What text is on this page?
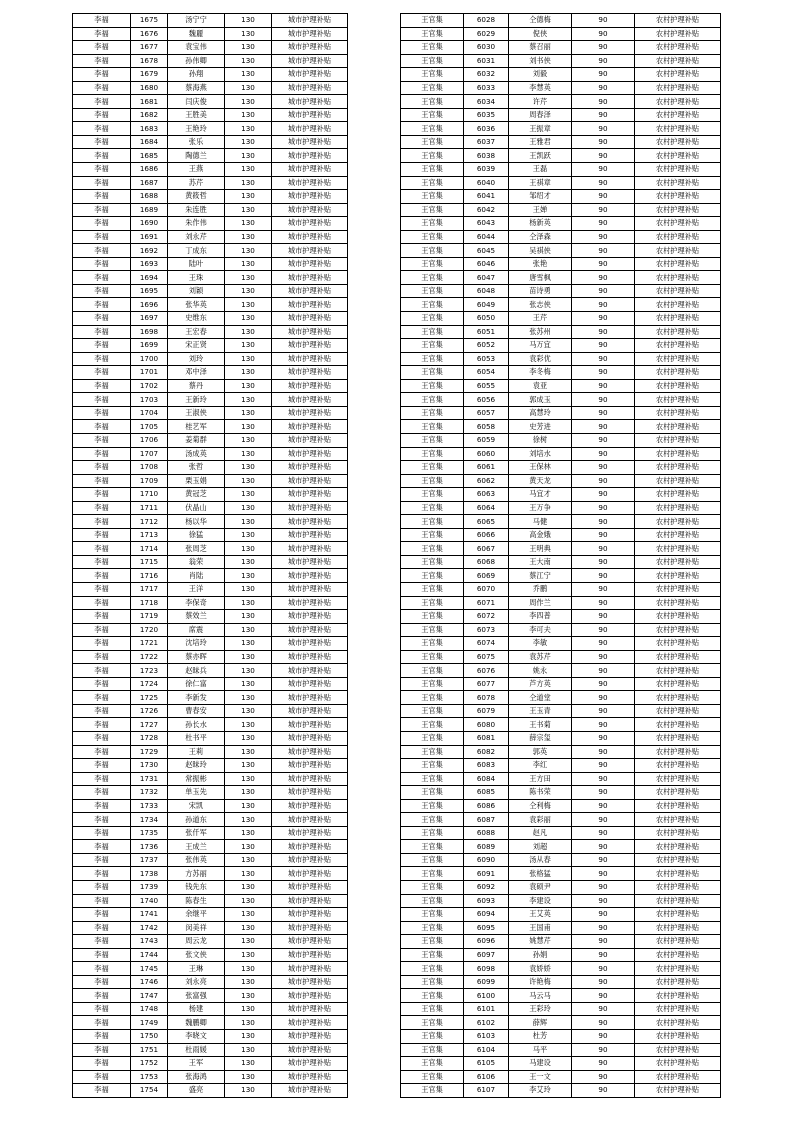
李福	1675	汤宁宁	130	城市护理补贴
李福	1676	魏麗	130	城市护理补贴
李福	1677	袁宝伟	130	城市护理补贴
李福	1678	孙伟卿	130	城市护理补贴
李福	1679	孙翔	130	城市护理补贴
李福	1680	蔡海燕	130	城市护理补贴
李福	1681	闫庆俊	130	城市护理补贴
李福	1682	王胜美	130	城市护理补贴
李福	1683	王艳玲	130	城市护理补贴
李福	1684	张乐	130	城市护理补贴
李福	1685	陶德兰	130	城市护理补贴
李福	1686	王燕	130	城市护理补贴
李福	1687	苏芹	130	城市护理补贴
李福	1688	黄筱哲	130	城市护理补贴
李福	1689	朱连胜	130	城市护理补贴
李福	1690	朱作伟	130	城市护理补贴
李福	1691	刘永芹	130	城市护理补贴
李福	1692	丁成东	130	城市护理补贴
李福	1693	陆叶	130	城市护理补贴
李福	1694	王珠	130	城市护理补贴
李福	1695	刘颖	130	城市护理补贴
李福	1696	张华英	130	城市护理补贴
李福	1697	史维东	130	城市护理补贴
李福	1698	王宏春	130	城市护理补贴
李福	1699	宋正贤	130	城市护理补贴
李福	1700	刘玲	130	城市护理补贴
李福	1701	邓中泽	130	城市护理补贴
李福	1702	蔡丹	130	城市护理补贴
李福	1703	王新玲	130	城市护理补贴
李福	1704	王淑侠	130	城市护理补贴
李福	1705	桂艺军	130	城市护理补贴
李福	1706	姜菊群	130	城市护理补贴
李福	1707	汤成英	130	城市护理补贴
李福	1708	张哲	130	城市护理补贴
李福	1709	栗玉娟	130	城市护理补贴
李福	1710	黄冠芝	130	城市护理补贴
李福	1711	伏晶山	130	城市护理补贴
李福	1712	杨以华	130	城市护理补贴
李福	1713	徐猛	130	城市护理补贴
李福	1714	张周芝	130	城市护理补贴
李福	1715	翁荣	130	城市护理补贴
李福	1716	肖陆	130	城市护理补贴
李福	1717	王洋	130	城市护理补贴
李福	1718	李保奇	130	城市护理补贴
李福	1719	蔡效兰	130	城市护理补贴
李福	1720	席震	130	城市护理补贴
李福	1721	沈培玲	130	城市护理补贴
李福	1722	蔡亦晖	130	城市护理补贴
李福	1723	赵昧兵	130	城市护理补贴
李福	1724	徐仁富	130	城市护理补贴
李福	1725	李新发	130	城市护理补贴
李福	1726	曹春安	130	城市护理补贴
李福	1727	孙长水	130	城市护理补贴
李福	1728	杜书平	130	城市护理补贴
李福	1729	王莉	130	城市护理补贴
李福	1730	赵昧玲	130	城市护理补贴
李福	1731	常振彬	130	城市护理补贴
李福	1732	单玉先	130	城市护理补贴
李福	1733	宋凯	130	城市护理补贴
李福	1734	孙道东	130	城市护理补贴
李福	1735	张仟军	130	城市护理补贴
李福	1736	王成兰	130	城市护理补贴
李福	1737	张伟英	130	城市护理补贴
李福	1738	方苏丽	130	城市护理补贴
李福	1739	钱先东	130	城市护理补贴
李福	1740	陈春生	130	城市护理补贴
李福	1741	余继平	130	城市护理补贴
李福	1742	闵美祥	130	城市护理补贴
李福	1743	周云龙	130	城市护理补贴
李福	1744	张文侠	130	城市护理补贴
李福	1745	王琳	130	城市护理补贴
李福	1746	刘永亮	130	城市护理补贴
李福	1747	张富强	130	城市护理补贴
李福	1748	杨建	130	城市护理补贴
李福	1749	魏鹏卿	130	城市护理补贴
李福	1750	李晓文	130	城市护理补贴
李福	1751	杜雨媛	130	城市护理补贴
李福	1752	王军	130	城市护理补贴
李福	1753	张海鸿	130	城市护理补贴
李福	1754	盛亮	130	城市护理补贴
王官集	6028	仝德梅	90	农村护理补贴
王官集	6029	倪侠	90	农村护理补贴
王官集	6030	蔡召丽	90	农村护理补贴
王官集	6031	刘书侠	90	农村护理补贴
王官集	6032	刘毅	90	农村护理补贴
王官集	6033	李慧英	90	农村护理补贴
王官集	6034	许芹	90	农村护理补贴
王官集	6035	周春泽	90	农村护理补贴
王官集	6036	王振章	90	农村护理补贴
王官集	6037	王雅君	90	农村护理补贴
王官集	6038	王凯跃	90	农村护理补贴
王官集	6039	王磊	90	农村护理补贴
王官集	6040	王祺章	90	农村护理补贴
王官集	6041	邹绍才	90	农村护理补贴
王官集	6042	王婵	90	农村护理补贴
王官集	6043	杨新英	90	农村护理补贴
王官集	6044	仝泽森	90	农村护理补贴
王官集	6045	吴祺侠	90	农村护理补贴
王官集	6046	张艳	90	农村护理补贴
王官集	6047	唐雪枫	90	农村护理补贴
王官集	6048	苗诗勇	90	农村护理补贴
王官集	6049	张志侠	90	农村护理补贴
王官集	6050	王芹	90	农村护理补贴
王官集	6051	张苏州	90	农村护理补贴
王官集	6052	马万宜	90	农村护理补贴
王官集	6053	袁彩优	90	农村护理补贴
王官集	6054	李冬梅	90	农村护理补贴
王官集	6055	袁亚	90	农村护理补贴
王官集	6056	郭成玉	90	农村护理补贴
王官集	6057	高慧玲	90	农村护理补贴
王官集	6058	史芳进	90	农村护理补贴
王官集	6059	徐树	90	农村护理补贴
王官集	6060	刘培水	90	农村护理补贴
王官集	6061	王保林	90	农村护理补贴
王官集	6062	黄天龙	90	农村护理补贴
王官集	6063	马宜才	90	农村护理补贴
王官集	6064	王万争	90	农村护理补贴
王官集	6065	马健	90	农村护理补贴
王官集	6066	高金娥	90	农村护理补贴
王官集	6067	王明典	90	农村护理补贴
王官集	6068	王大南	90	农村护理补贴
王官集	6069	蔡江宁	90	农村护理补贴
王官集	6070	乔鹏	90	农村护理补贴
王官集	6071	周作兰	90	农村护理补贴
王官集	6072	李四普	90	农村护理补贴
王官集	6073	李可夫	90	农村护理补贴
王官集	6074	李敏	90	农村护理补贴
王官集	6075	袁苏芹	90	农村护理补贴
王官集	6076	姚永	90	农村护理补贴
王官集	6077	芦方英	90	农村护理补贴
王官集	6078	仝道堂	90	农村护理补贴
王官集	6079	王玉青	90	农村护理补贴
王官集	6080	王书菊	90	农村护理补贴
王官集	6081	薛宗玺	90	农村护理补贴
王官集	6082	郭英	90	农村护理补贴
王官集	6083	李红	90	农村护理补贴
王官集	6084	王方田	90	农村护理补贴
王官集	6085	陈书荣	90	农村护理补贴
王官集	6086	仝利梅	90	农村护理补贴
王官集	6087	袁彩丽	90	农村护理补贴
王官集	6088	赵凡	90	农村护理补贴
王官集	6089	刘超	90	农村护理补贴
王官集	6090	汤从春	90	农村护理补贴
王官集	6091	张格猛	90	农村护理补贴
王官集	6092	袁硕尹	90	农村护理补贴
王官集	6093	李建设	90	农村护理补贴
王官集	6094	王艾英	90	农村护理补贴
王官集	6095	王国甫	90	农村护理补贴
王官集	6096	姚慧芹	90	农村护理补贴
王官集	6097	孙娟	90	农村护理补贴
王官集	6098	袁娇娇	90	农村护理补贴
王官集	6099	许艳梅	90	农村护理补贴
王官集	6100	马云马	90	农村护理补贴
王官集	6101	王彩玲	90	农村护理补贴
王官集	6102	薛辉	90	农村护理补贴
王官集	6103	杜芳	90	农村护理补贴
王官集	6104	马平	90	农村护理补贴
王官集	6105	马建设	90	农村护理补贴
王官集	6106	王一文	90	农村护理补贴
王官集	6107	李艾玲	90	农村护理补贴
